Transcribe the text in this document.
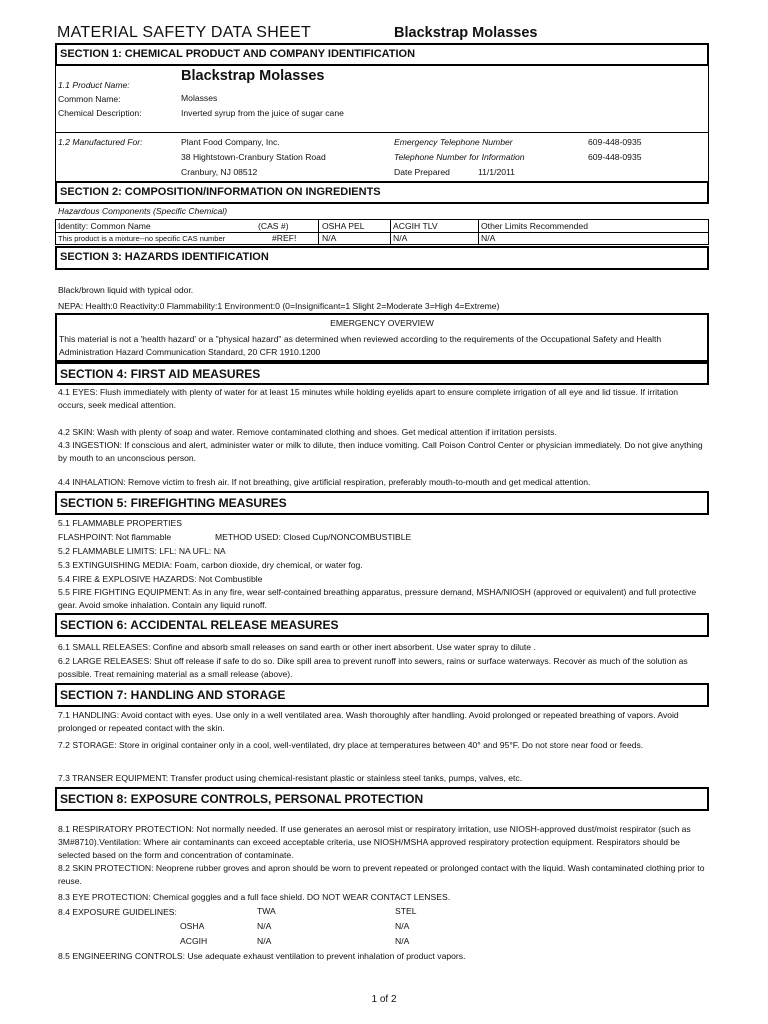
MATERIAL SAFETY DATA SHEET	Blackstrap Molasses
SECTION 1: CHEMICAL PRODUCT AND COMPANY IDENTIFICATION
1.1 Product Name:
Blackstrap Molasses
Common Name:	Molasses
Chemical Description:	Inverted syrup from the juice of sugar cane
1.2 Manufactured For:	Plant Food Company, Inc.
38 Hightstown-Cranbury Station Road
Cranbury, NJ 08512
Emergency Telephone Number	609-448-0935
Telephone Number for Information	609-448-0935
Date Prepared	11/1/2011
SECTION 2: COMPOSITION/INFORMATION ON INGREDIENTS
Hazardous Components (Specific Chemical)
Identity: Common Name	(CAS #)	OSHA PEL	ACGIH TLV	Other Limits Recommended
This product is a mixture--no specific CAS number	#REF!	N/A	N/A	N/A
SECTION 3: HAZARDS IDENTIFICATION
Black/brown liquid with typical odor.
NEPA: Health:0 Reactivity:0 Flammability:1 Environment:0 (0=Insignificant=1 Slight 2=Moderate 3=High 4=Extreme)
EMERGENCY OVERVIEW
This material is not a 'health hazard' or a "physical hazard" as determined when reviewed according to the requirements of the Occupational Safety and Health Administration Hazard Communication Standard, 20 CFR 1910.1200
SECTION 4: FIRST AID MEASURES
4.1 EYES: Flush immediately with plenty of water for at least 15 minutes while holding eyelids apart to ensure complete irrigation of all eye and lid tissue. If irritation occurs, seek medical attention.
4.2 SKIN: Wash with plenty of soap and water. Remove contaminated clothing and shoes. Get medical attention if irritation persists.
4.3 INGESTION: If conscious and alert, administer water or milk to dilute, then induce vomiting. Call Poison Control Center or physician immediately. Do not give anything by mouth to an unconscious person.
4.4 INHALATION: Remove victim to fresh air. If not breathing, give artificial respiration, preferably mouth-to-mouth and get medical attention.
SECTION 5: FIREFIGHTING MEASURES
5.1 FLAMMABLE PROPERTIES
FLASHPOINT: Not flammable	METHOD USED: Closed Cup/NONCOMBUSTIBLE
5.2 FLAMMABLE LIMITS: LFL: NA UFL: NA
5.3 EXTINGUISHING MEDIA: Foam, carbon dioxide, dry chemical, or water fog.
5.4 FIRE & EXPLOSIVE HAZARDS: Not Combustible
5.5 FIRE FIGHTING EQUIPMENT: As in any fire, wear self-contained breathing apparatus, pressure demand, MSHA/NIOSH (approved or equivalent) and full protective gear. Avoid smoke inhalation. Contain any liquid runoff.
SECTION 6: ACCIDENTAL RELEASE MEASURES
6.1 SMALL RELEASES: Confine and absorb small releases on sand earth or other inert absorbent. Use water spray to dilute .
6.2 LARGE RELEASES: Shut off release if safe to do so. Dike spill area to prevent runoff into sewers, rains or surface waterways. Recover as much of the solution as possible. Treat remaining material as a small release (above).
SECTION 7: HANDLING AND STORAGE
7.1 HANDLING: Avoid contact with eyes. Use only in a well ventilated area. Wash thoroughly after handling. Avoid prolonged or repeated breathing of vapors. Avoid prolonged or repeated contact with the skin.
7.2 STORAGE: Store in original container only in a cool, well-ventilated, dry place at temperatures between 40° and 95°F. Do not store near food or feeds.
7.3 TRANSER EQUIPMENT: Transfer product using chemical-resistant plastic or stainless steel tanks, pumps, valves, etc.
SECTION 8: EXPOSURE CONTROLS, PERSONAL PROTECTION
8.1 RESPIRATORY PROTECTION: Not normally needed. If use generates an aerosol mist or respiratory irritation, use NIOSH-approved dust/moist respirator (such as 3M#8710).Ventilation: Where air contaminants can exceed acceptable criteria, use NIOSH/MSHA approved respiratory protection equipment. Respirators should be selected based on the form and concentration of contaminate.
8.2 SKIN PROTECTION: Neoprene rubber groves and apron should be worn to prevent repeated or prolonged contact with the liquid. Wash contaminated clothing prior to reuse.
8.3 EYE PROTECTION: Chemical goggles and a full face shield. DO NOT WEAR CONTACT LENSES.
8.4 EXPOSURE GUIDELINES:	TWA	STEL
OSHA	N/A	N/A
ACGIH	N/A	N/A
8.5 ENGINEERING CONTROLS: Use adequate exhaust ventilation to prevent inhalation of product vapors.
1 of 2
